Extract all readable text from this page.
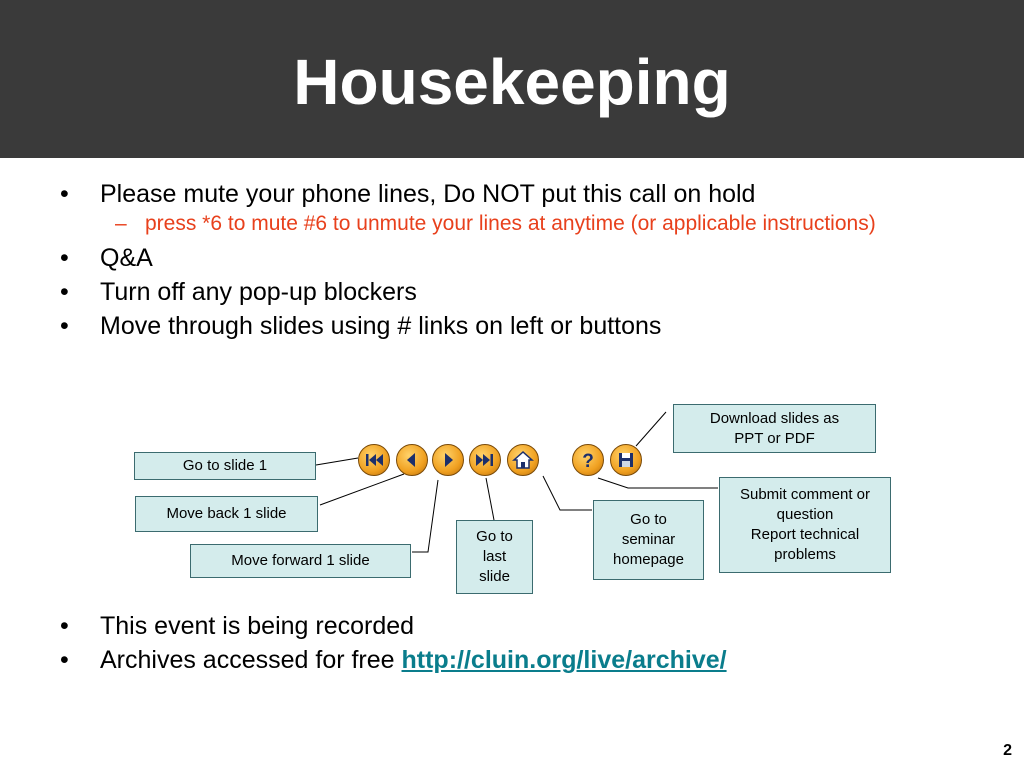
Housekeeping
• Please mute your phone lines, Do NOT put this call on hold
– press *6 to mute #6 to unmute your lines at anytime (or applicable instructions)
• Q&A
• Turn off any pop-up blockers
• Move through slides using # links on left or buttons
?
Go to slide 1
Move back 1 slide
Move forward 1 slide
Go to
last
slide
Go to
seminar
homepage
Download slides as
PPT or PDF
Submit comment or
question
Report technical
problems
• This event is being recorded
• Archives accessed for free http://cluin.org/live/archive/
2
